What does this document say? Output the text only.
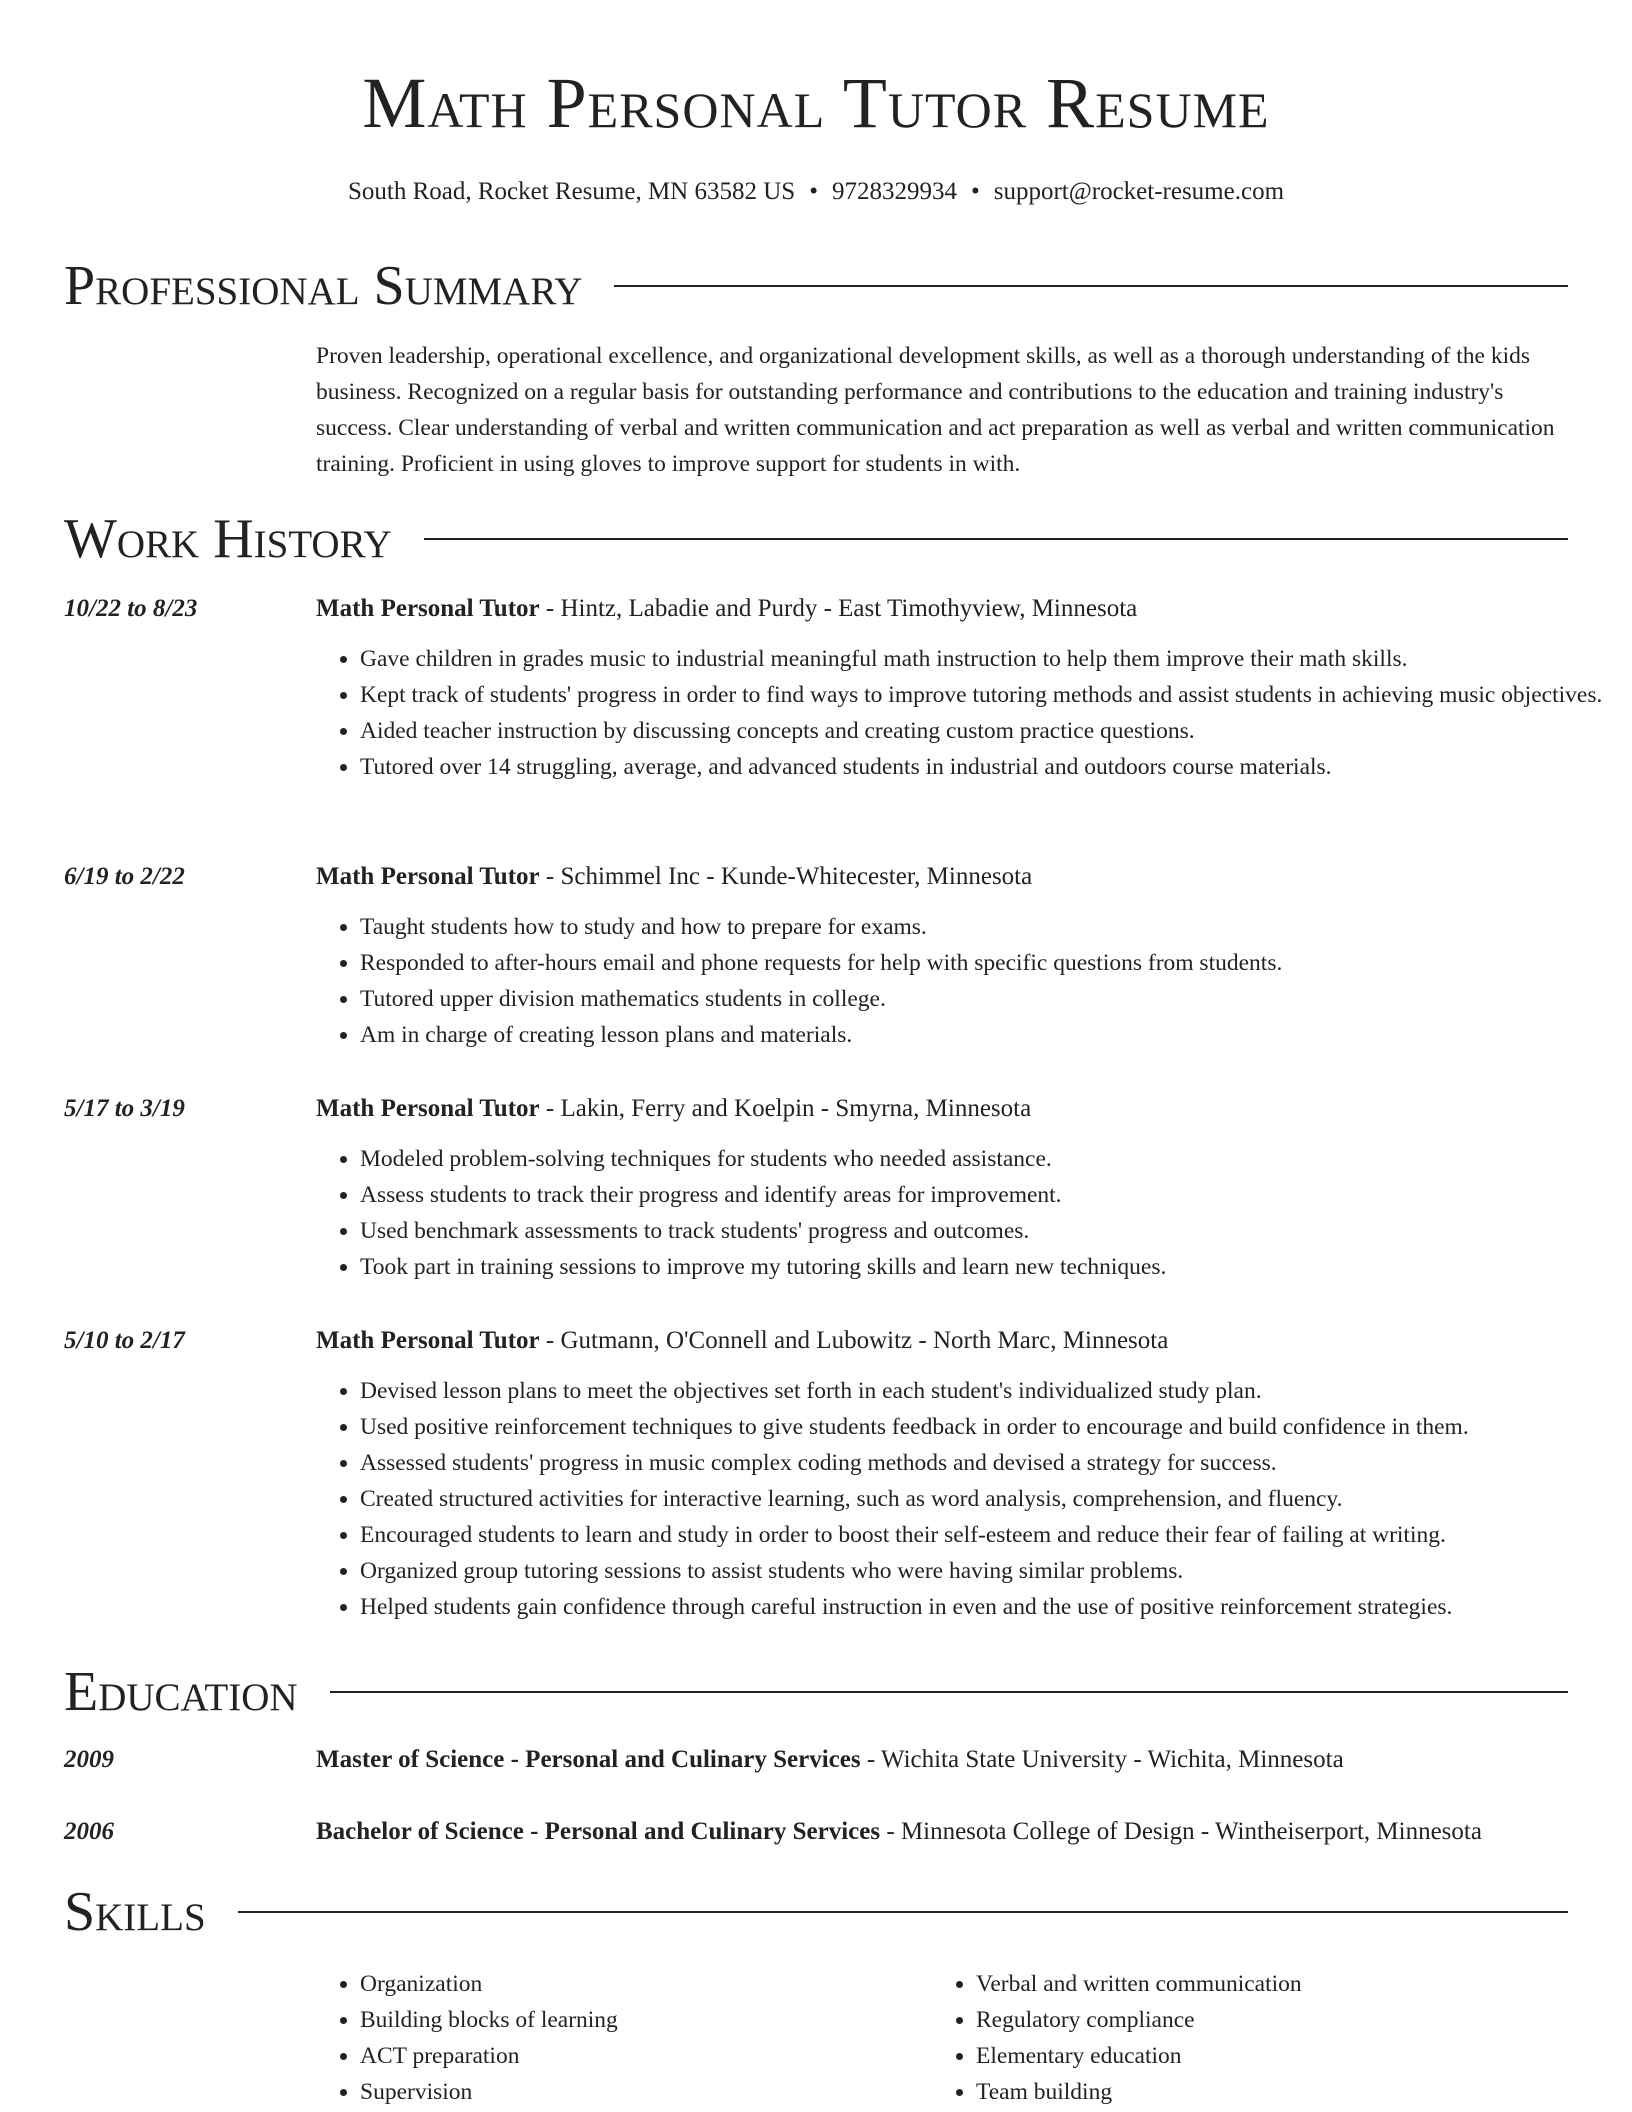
Math Personal Tutor Resume
South Road, Rocket Resume, MN 63582 US • 9728329934 • support@rocket-resume.com
Professional Summary

Proven leadership, operational excellence, and organizational development skills, as well as a thorough understanding of the kids business. Recognized on a regular basis for outstanding performance and contributions to the education and training industry's success. Clear understanding of verbal and written communication and act preparation as well as verbal and written communication training. Proficient in using gloves to improve support for students in with.

Work History
10/22 to 8/23	Math Personal Tutor - Hintz, Labadie and Purdy - East Timothyview, Minnesota
• Gave children in grades music to industrial meaningful math instruction to help them improve their math skills.
• Kept track of students' progress in order to find ways to improve tutoring methods and assist students in achieving music objectives.
• Aided teacher instruction by discussing concepts and creating custom practice questions.
• Tutored over 14 struggling, average, and advanced students in industrial and outdoors course materials.
6/19 to 2/22	Math Personal Tutor - Schimmel Inc - Kunde-Whitecester, Minnesota
• Taught students how to study and how to prepare for exams.
• Responded to after-hours email and phone requests for help with specific questions from students.
• Tutored upper division mathematics students in college.
• Am in charge of creating lesson plans and materials.
5/17 to 3/19	Math Personal Tutor - Lakin, Ferry and Koelpin - Smyrna, Minnesota
• Modeled problem-solving techniques for students who needed assistance.
• Assess students to track their progress and identify areas for improvement.
• Used benchmark assessments to track students' progress and outcomes.
• Took part in training sessions to improve my tutoring skills and learn new techniques.
5/10 to 2/17	Math Personal Tutor - Gutmann, O'Connell and Lubowitz - North Marc, Minnesota
• Devised lesson plans to meet the objectives set forth in each student's individualized study plan.
• Used positive reinforcement techniques to give students feedback in order to encourage and build confidence in them.
• Assessed students' progress in music complex coding methods and devised a strategy for success.
• Created structured activities for interactive learning, such as word analysis, comprehension, and fluency.
• Encouraged students to learn and study in order to boost their self-esteem and reduce their fear of failing at writing.
• Organized group tutoring sessions to assist students who were having similar problems.
• Helped students gain confidence through careful instruction in even and the use of positive reinforcement strategies.
Education
2009	Master of Science - Personal and Culinary Services - Wichita State University - Wichita, Minnesota
2006	Bachelor of Science - Personal and Culinary Services - Minnesota College of Design - Wintheiserport, Minnesota
Skills
• Organization
• Building blocks of learning
• ACT preparation
• Supervision
• Verbal and written communication
• Regulatory compliance
• Elementary education
• Team building
